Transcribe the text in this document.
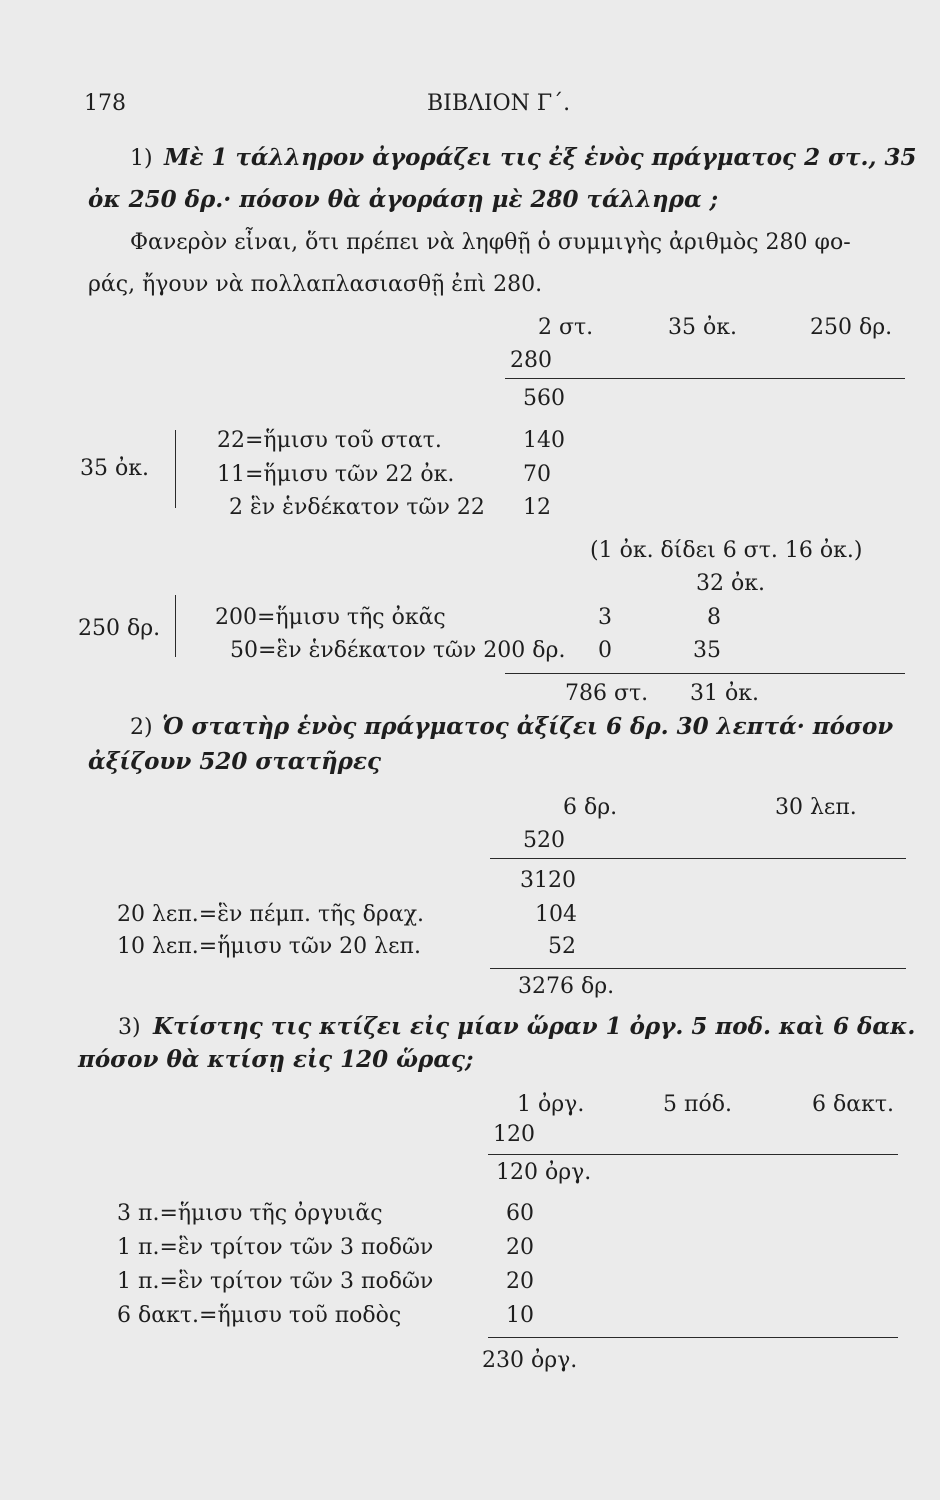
178	ΒΙΒΛΙΟΝ Γ΄.
1) Μὲ 1 τάλληρον ἀγοράζει τις ἐξ ἑνὸς πράγματος 2 στ., 35
ὀκ 250 δρ.· πόσον θὰ ἀγοράσῃ μὲ 280 τάλληρα ;
Φανερὸν εἶναι, ὅτι πρέπει νὰ ληφθῇ ὁ συμμιγὴς ἀριθμὸς 280 φο-
ράς, ἤγουν νὰ πολλαπλασιασθῇ ἐπὶ 280.
2 στ.	35 ὀκ.	250 δρ.
280
560
35 ὀκ.
22=ἥμισυ τοῦ στατ.	140
11=ἥμισυ τῶν 22 ὀκ.	70
2 ἓν ἑνδέκατον τῶν 22 12
(1 ὀκ. δίδει 6 στ. 16 ὀκ.)
32 ὀκ.
250 δρ. 200=ἥμισυ τῆς ὀκᾶς	3	8
50=ἓν ἑνδέκατον τῶν 200 δρ. 0	35
786 στ. 31 ὀκ.
2) Ὁ στατὴρ ἑνὸς πράγματος ἀξίζει 6 δρ. 30 λεπτά· πόσον
ἀξίζουν 520 στατῆρες
6 δρ.	30 λεπ.
520
3120
20 λεπ.=ἓν πέμπ. τῆς δραχ.	104
10 λεπ.=ἥμισυ τῶν 20 λεπ.	52
3276 δρ.
3) Κτίστης τις κτίζει εἰς μίαν ὥραν 1 ὀργ. 5 ποδ. καὶ 6 δακ.
πόσον θὰ κτίσῃ εἰς 120 ὥρας;
1 ὀργ.	5 πόδ.	6 δακτ.
120
120 ὀργ.
3 π.=ἥμισυ τῆς ὀργυιᾶς	60
1 π.=ἓν τρίτον τῶν 3 ποδῶν	20
1 π.=ἓν τρίτον τῶν 3 ποδῶν	20
6 δακτ.=ἥμισυ τοῦ ποδὸς	10
230 ὀργ.
